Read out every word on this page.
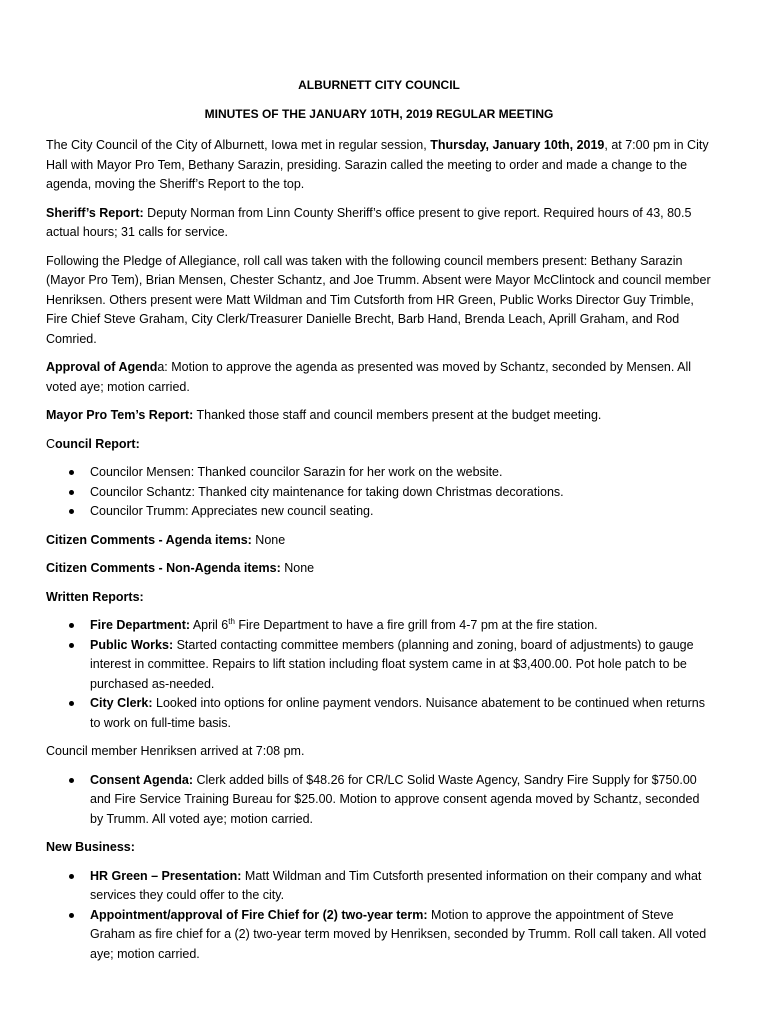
ALBURNETT CITY COUNCIL
MINUTES OF THE JANUARY 10TH, 2019 REGULAR MEETING

The City Council of the City of Alburnett, Iowa met in regular session, Thursday, January 10th, 2019, at 7:00 pm in City Hall with Mayor Pro Tem, Bethany Sarazin, presiding. Sarazin called the meeting to order and made a change to the agenda, moving the Sheriff’s Report to the top.

Sheriff’s Report: Deputy Norman from Linn County Sheriff’s office present to give report. Required hours of 43, 80.5 actual hours; 31 calls for service.

Following the Pledge of Allegiance, roll call was taken with the following council members present: Bethany Sarazin (Mayor Pro Tem), Brian Mensen, Chester Schantz, and Joe Trumm. Absent were Mayor McClintock and council member Henriksen. Others present were Matt Wildman and Tim Cutsforth from HR Green, Public Works Director Guy Trimble, Fire Chief Steve Graham, City Clerk/Treasurer Danielle Brecht, Barb Hand, Brenda Leach, Aprill Graham, and Rod Comried.

Approval of Agenda: Motion to approve the agenda as presented was moved by Schantz, seconded by Mensen. All voted aye; motion carried.

Mayor Pro Tem’s Report: Thanked those staff and council members present at the budget meeting.

Council Report:

Councilor Mensen: Thanked councilor Sarazin for her work on the website.
Councilor Schantz: Thanked city maintenance for taking down Christmas decorations.
Councilor Trumm: Appreciates new council seating.

Citizen Comments - Agenda items: None

Citizen Comments - Non-Agenda items: None

Written Reports:

Fire Department: April 6th Fire Department to have a fire grill from 4-7 pm at the fire station.
Public Works: Started contacting committee members (planning and zoning, board of adjustments) to gauge interest in committee. Repairs to lift station including float system came in at $3,400.00. Pot hole patch to be purchased as-needed.
City Clerk: Looked into options for online payment vendors. Nuisance abatement to be continued when returns to work on full-time basis.

Council member Henriksen arrived at 7:08 pm.

Consent Agenda: Clerk added bills of $48.26 for CR/LC Solid Waste Agency, Sandry Fire Supply for $750.00 and Fire Service Training Bureau for $25.00. Motion to approve consent agenda moved by Schantz, seconded by Trumm. All voted aye; motion carried.

New Business:

HR Green – Presentation: Matt Wildman and Tim Cutsforth presented information on their company and what services they could offer to the city.
Appointment/approval of Fire Chief for (2) two-year term: Motion to approve the appointment of Steve Graham as fire chief for a (2) two-year term moved by Henriksen, seconded by Trumm. Roll call taken. All voted aye; motion carried.
